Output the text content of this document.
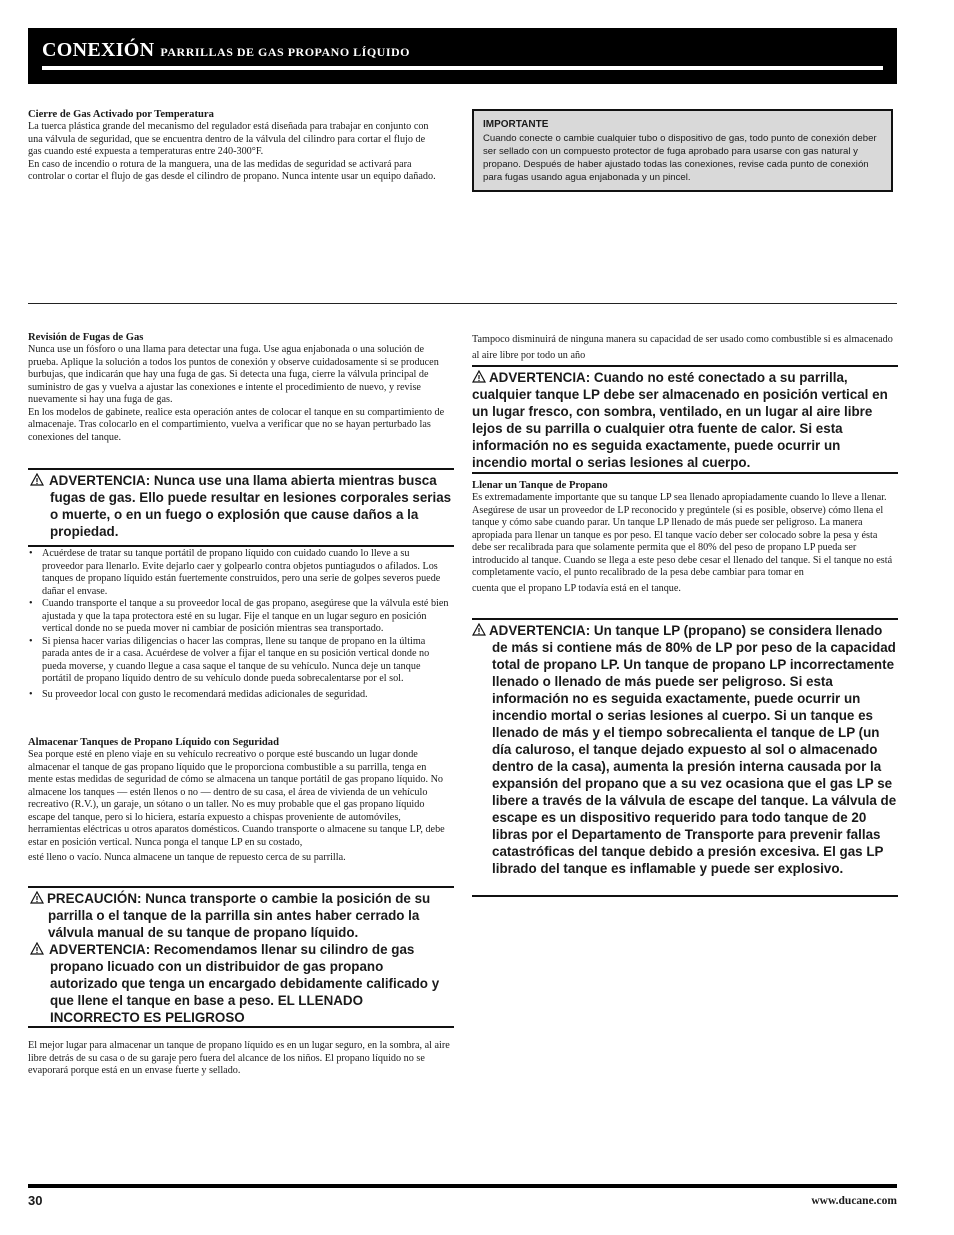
CONEXIÓN PARRILLAS DE GAS PROPANO LÍQUIDO
Cierre de Gas Activado por Temperatura

La tuerca plástica grande del mecanismo del regulador está diseñada para trabajar en conjunto con una válvula de seguridad, que se encuentra dentro de la válvula del cilindro para cortar el flujo de gas cuando esté expuesta a temperaturas entre 240-300°F.

En caso de incendio o rotura de la manguera, una de las medidas de seguridad se activará para controlar o cortar el flujo de gas desde el cilindro de propano. Nunca intente usar un equipo dañado.

IMPORTANTE
Cuando conecte o cambie cualquier tubo o dispositivo de gas, todo punto de conexión deber ser sellado con un compuesto protector de fuga aprobado para usarse con gas natural y propano. Después de haber ajustado todas las conexiones, revise cada punto de conexión para fugas usando agua enjabonada y un pincel.
Revisión de Fugas de Gas

Nunca use un fósforo o una llama para detectar una fuga. Use agua enjabonada o una solución de prueba. Aplique la solución a todos los puntos de conexión y observe cuidadosamente si se producen burbujas, que indicarán que hay una fuga de gas. Si detecta una fuga, cierre la válvula principal de suministro de gas y vuelva a ajustar las conexiones e intente el procedimiento de nuevo, y revise nuevamente si hay una fuga de gas.

En los modelos de gabinete, realice esta operación antes de colocar el tanque en su compartimiento de almacenaje. Tras colocarlo en el compartimiento, vuelva a verificar que no se hayan perturbado las conexiones del tanque.

ADVERTENCIA: Nunca use una llama abierta mientras busca fugas de gas. Ello puede resultar en lesiones corporales serias o muerte, o en un fuego o explosión que cause daños a la propiedad.

• Acuérdese de tratar su tanque portátil de propano líquido con cuidado cuando lo lleve a su proveedor para llenarlo. Evite dejarlo caer y golpearlo contra objetos puntiagudos o afilados. Los tanques de propano líquido están fuertemente construidos, pero una serie de golpes severos puede dañar el envase.
• Cuando transporte el tanque a su proveedor local de gas propano, asegúrese que la válvula esté bien ajustada y que la tapa protectora esté en su lugar. Fije el tanque en un lugar seguro en posición vertical donde no se pueda mover ni cambiar de posición mientras sea transportado.
• Si piensa hacer varias diligencias o hacer las compras, llene su tanque de propano en la última parada antes de ir a casa. Acuérdese de volver a fijar el tanque en su posición vertical donde no pueda moverse, y cuando llegue a casa saque el tanque de su vehículo. Nunca deje un tanque portátil de propano líquido dentro de su vehículo donde pueda sobrecalentarse por el sol.
• Su proveedor local con gusto le recomendará medidas adicionales de seguridad.
Almacenar Tanques de Propano Líquido con Seguridad

Sea porque esté en pleno viaje en su vehículo recreativo o porque esté buscando un lugar donde almacenar el tanque de gas propano líquido que le proporciona combustible a su parrilla, tenga en mente estas medidas de seguridad de cómo se almacena un tanque portátil de gas propano líquido. No almacene los tanques — estén llenos o no — dentro de su casa, el área de vivienda de un vehículo recreativo (R.V.), un garaje, un sótano o un taller. No es muy probable que el gas propano líquido escape del tanque, pero si lo hiciera, estaría expuesto a chispas proveniente de automóviles, herramientas eléctricas u otros aparatos domésticos. Cuando transporte o almacene su tanque LP, debe estar en posición vertical. Nunca ponga el tanque LP en su costado,

esté lleno o vacío. Nunca almacene un tanque de repuesto cerca de su parrilla.

PRECAUCIÓN: Nunca transporte o cambie la posición de su parrilla o el tanque de la parrilla sin antes haber cerrado la válvula manual de su tanque de propano líquido.

ADVERTENCIA: Recomendamos llenar su cilindro de gas propano licuado con un distribuidor de gas propano autorizado que tenga un encargado debidamente calificado y que llene el tanque en base a peso. EL LLENADO INCORRECTO ES PELIGROSO

El mejor lugar para almacenar un tanque de propano líquido es en un lugar seguro, en la sombra, al aire libre detrás de su casa o de su garaje pero fuera del alcance de los niños. El propano líquido no se evaporará porque está en un envase fuerte y sellado.

Tampoco disminuirá de ninguna manera su capacidad de ser usado como combustible si es almacenado al aire libre por todo un año

ADVERTENCIA: Cuando no esté conectado a su parrilla, cualquier tanque LP debe ser almacenado en posición vertical en un lugar fresco, con sombra, ventilado, en un lugar al aire libre lejos de su parrilla o cualquier otra fuente de calor. Si esta información no es seguida exactamente, puede ocurrir un incendio mortal o serias lesiones al cuerpo.

Llenar un Tanque de Propano

Es extremadamente importante que su tanque LP sea llenado apropiadamente cuando lo lleve a llenar. Asegúrese de usar un proveedor de LP reconocido y pregúntele (si es posible, observe) cómo llena el tanque y cómo sabe cuando parar. Un tanque LP llenado de más puede ser peligroso. La manera apropiada para llenar un tanque es por peso. El tanque vacío deber ser colocado sobre la pesa y ésta debe ser recalibrada para que solamente permita que el 80% del peso de propano LP pueda ser introducido al tanque. Cuando se llega a este peso debe cesar el llenado del tanque. Si el tanque no está completamente vacío, el punto recalibrado de la pesa debe cambiar para tomar en

cuenta que el propano LP todavía está en el tanque.

ADVERTENCIA: Un tanque LP (propano) se considera llenado de más si contiene más de 80% de LP por peso de la capacidad total de propano LP. Un tanque de propano LP incorrectamente llenado o llenado de más puede ser peligroso. Si esta información no es seguida exactamente, puede ocurrir un incendio mortal o serias lesiones al cuerpo. Si un tanque es llenado de más y el tiempo sobrecalienta el tanque de LP (un día caluroso, el tanque dejado expuesto al sol o almacenado dentro de la casa), aumenta la presión interna causada por la expansión del propano que a su vez ocasiona que el gas LP se libere a través de la válvula de escape del tanque. La válvula de escape es un dispositivo requerido para todo tanque de 20 libras por el Departamento de Transporte para prevenir fallas catastróficas del tanque debido a presión excesiva. El gas LP librado del tanque es inflamable y puede ser explosivo.

30	www.ducane.com
